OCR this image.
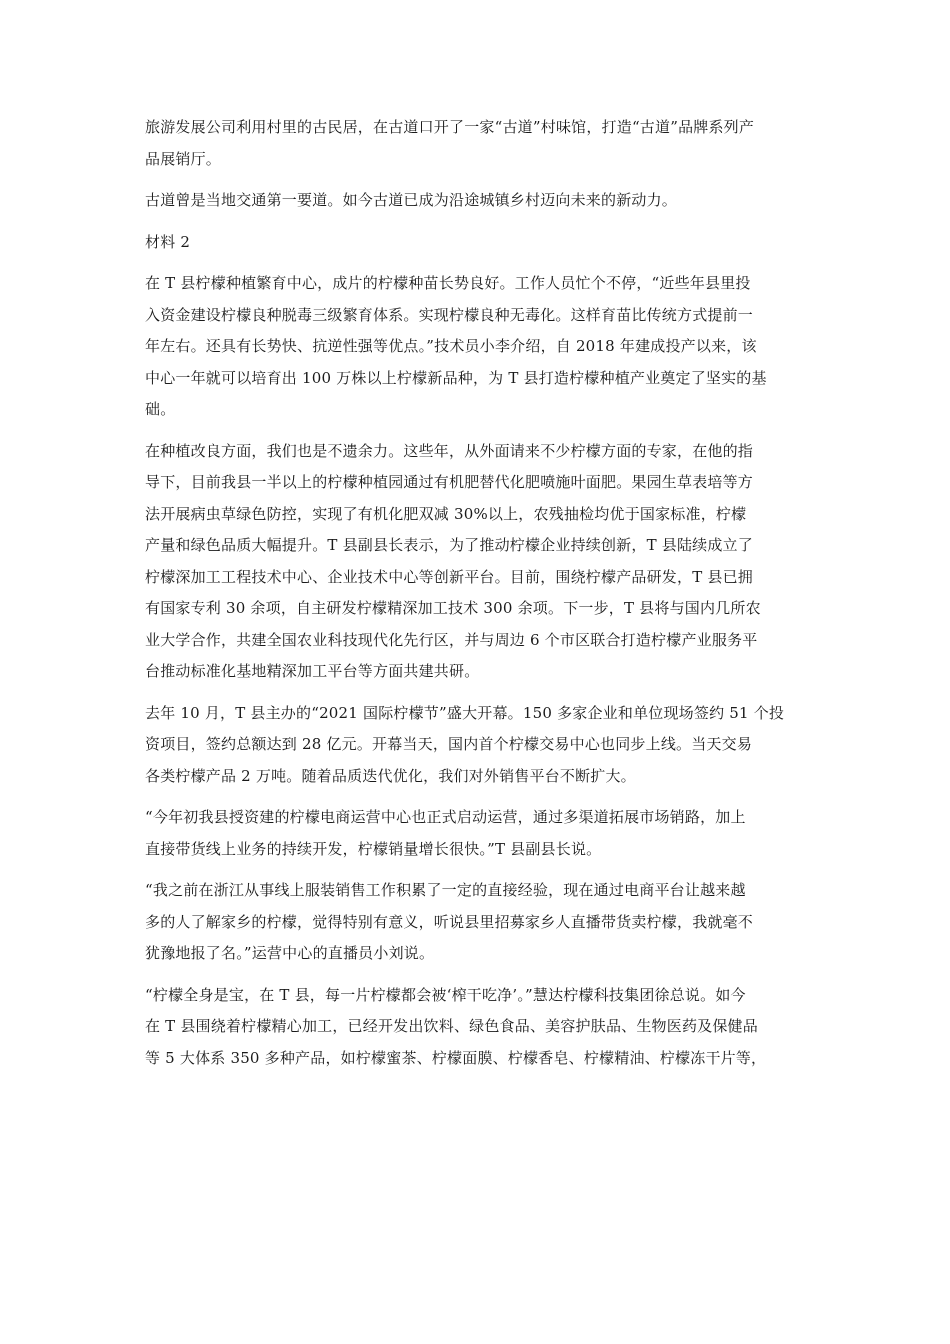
旅游发展公司利用村里的古民居，在古道口开了一家“古道”村味馆，打造“古道”品牌系列产
品展销厅。
古道曾是当地交通第一要道。如今古道已成为沿途城镇乡村迈向未来的新动力。
材料 2
在 T 县柠檬种植繁育中心，成片的柠檬种苗长势良好。工作人员忙个不停，“近些年县里投
入资金建设柠檬良种脱毒三级繁育体系。实现柠檬良种无毒化。这样育苗比传统方式提前一
年左右。还具有长势快、抗逆性强等优点。”技术员小李介绍，自 2018 年建成投产以来，该
中心一年就可以培育出 100 万株以上柠檬新品种，为 T 县打造柠檬种植产业奠定了坚实的基
础。
在种植改良方面，我们也是不遗余力。这些年，从外面请来不少柠檬方面的专家，在他的指
导下，目前我县一半以上的柠檬种植园通过有机肥替代化肥喷施叶面肥。果园生草表培等方
法开展病虫草绿色防控，实现了有机化肥双减 30%以上，农残抽检均优于国家标准，柠檬
产量和绿色品质大幅提升。T 县副县长表示，为了推动柠檬企业持续创新，T 县陆续成立了
柠檬深加工工程技术中心、企业技术中心等创新平台。目前，围绕柠檬产品研发，T 县已拥
有国家专利 30 余项，自主研发柠檬精深加工技术 300 余项。下一步，T 县将与国内几所农
业大学合作，共建全国农业科技现代化先行区，并与周边 6 个市区联合打造柠檬产业服务平
台推动标准化基地精深加工平台等方面共建共研。
去年 10 月，T 县主办的“2021 国际柠檬节”盛大开幕。150 多家企业和单位现场签约 51 个投
资项目，签约总额达到 28 亿元。开幕当天，国内首个柠檬交易中心也同步上线。当天交易
各类柠檬产品 2 万吨。随着品质迭代优化，我们对外销售平台不断扩大。
“今年初我县授资建的柠檬电商运营中心也正式启动运营，通过多渠道拓展市场销路，加上
直接带货线上业务的持续开发，柠檬销量增长很快。”T 县副县长说。
“我之前在浙江从事线上服装销售工作积累了一定的直接经验，现在通过电商平台让越来越
多的人了解家乡的柠檬，觉得特别有意义，听说县里招募家乡人直播带货卖柠檬，我就毫不
犹豫地报了名。”运营中心的直播员小刘说。
“柠檬全身是宝，在 T 县，每一片柠檬都会被‘榨干吃净’。”慧达柠檬科技集团徐总说。如今
在 T 县围绕着柠檬精心加工，已经开发出饮料、绿色食品、美容护肤品、生物医药及保健品
等 5 大体系 350 多种产品，如柠檬蜜茶、柠檬面膜、柠檬香皂、柠檬精油、柠檬冻干片等，
